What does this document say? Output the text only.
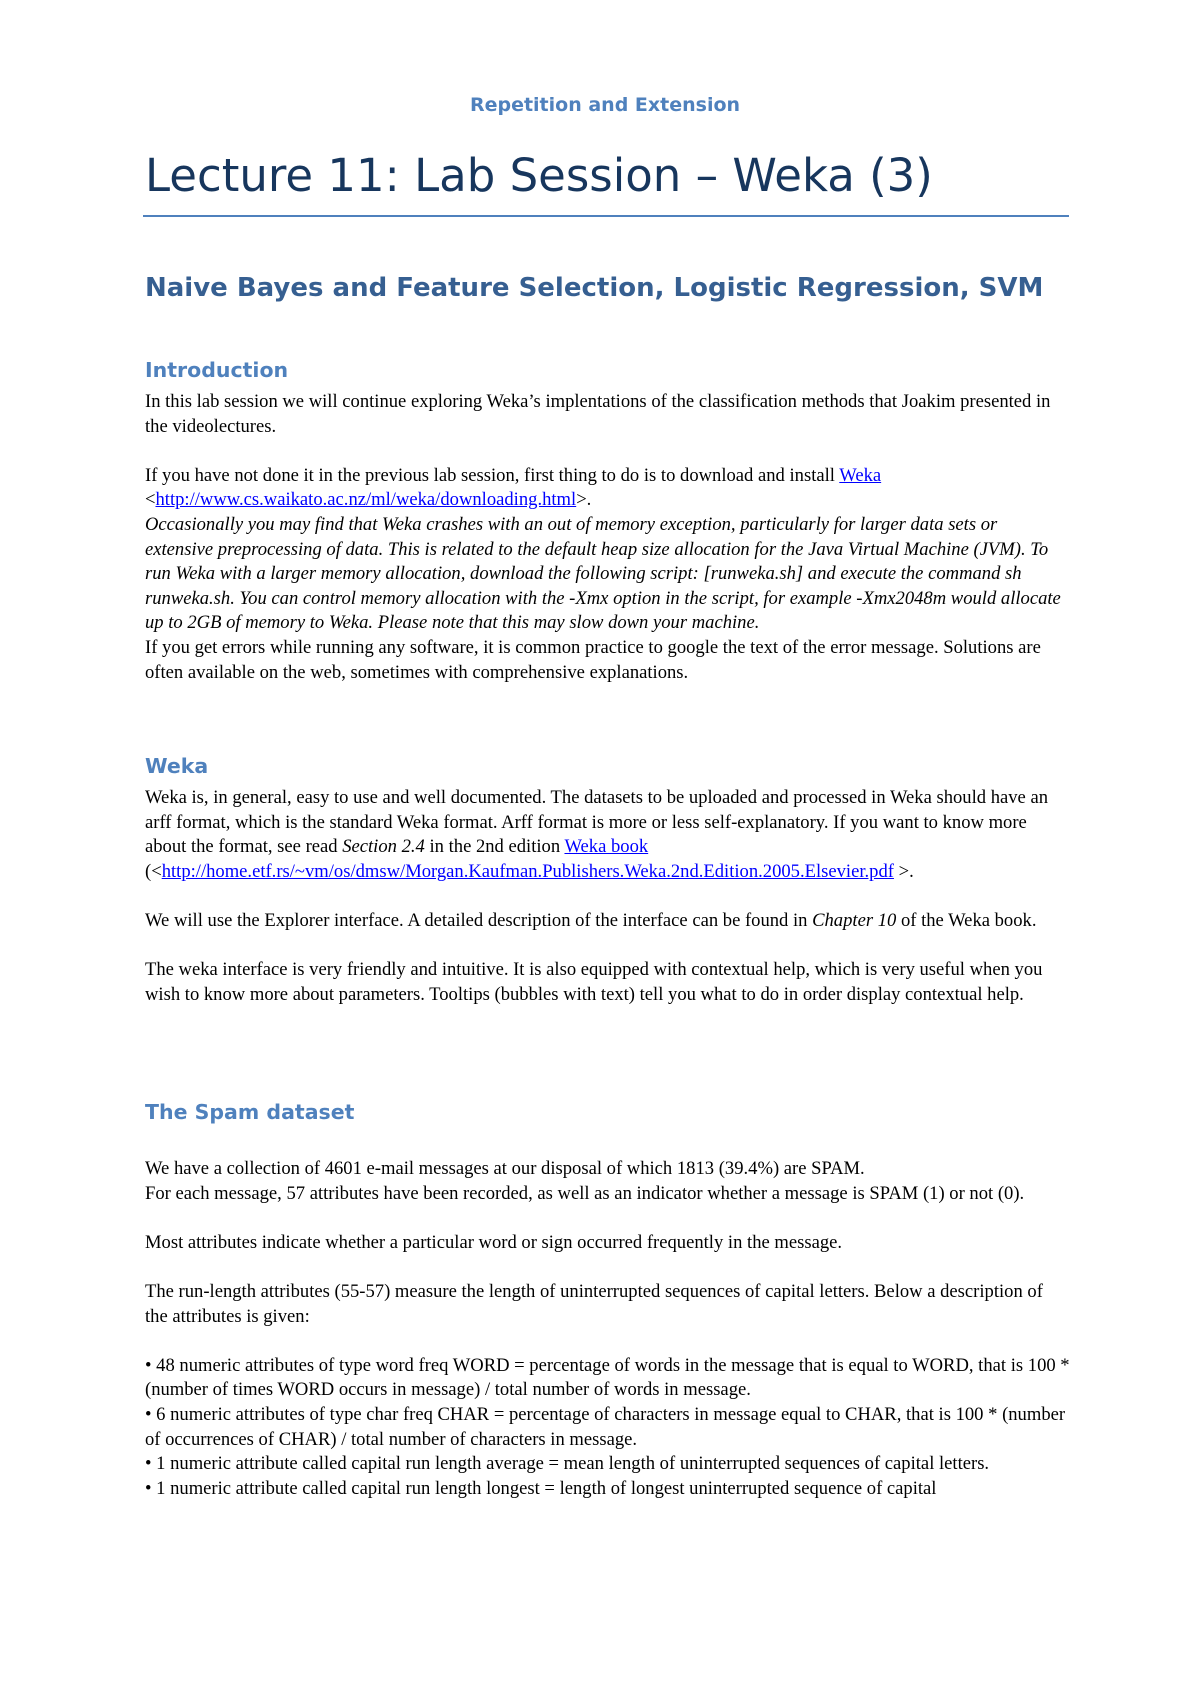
Repetition and Extension
Lecture 11: Lab Session – Weka (3)
Naive Bayes and Feature Selection, Logistic Regression, SVM
Introduction

In this lab session we will continue exploring Weka’s implentations of the classification methods that Joakim presented in the videolectures.

If you have not done it in the previous lab session, first thing to do is to download and install Weka
<http://www.cs.waikato.ac.nz/ml/weka/downloading.html>.

Occasionally you may find that Weka crashes with an out of memory exception, particularly for larger data sets or extensive preprocessing of data. This is related to the default heap size allocation for the Java Virtual Machine (JVM). To run Weka with a larger memory allocation, download the following script: [runweka.sh] and execute the command sh runweka.sh. You can control memory allocation with the -Xmx option in the script, for example -Xmx2048m would allocate up to 2GB of memory to Weka. Please note that this may slow down your machine.

If you get errors while running any software, it is common practice to google the text of the error message. Solutions are often available on the web, sometimes with comprehensive explanations.

Weka

Weka is, in general, easy to use and well documented. The datasets to be uploaded and processed in Weka should have an arff format, which is the standard Weka format. Arff format is more or less self-explanatory. If you want to know more about the format, see read Section 2.4 in the 2nd edition Weka book
(<http://home.etf.rs/~vm/os/dmsw/Morgan.Kaufman.Publishers.Weka.2nd.Edition.2005.Elsevier.pdf >.

We will use the Explorer interface. A detailed description of the interface can be found in Chapter 10 of the Weka book.

The weka interface is very friendly and intuitive. It is also equipped with contextual help, which is very useful when you wish to know more about parameters. Tooltips (bubbles with text) tell you what to do in order display contextual help.

The Spam dataset

We have a collection of 4601 e-mail messages at our disposal of which 1813 (39.4%) are SPAM.

For each message, 57 attributes have been recorded, as well as an indicator whether a message is SPAM (1) or not (0).

Most attributes indicate whether a particular word or sign occurred frequently in the message.

The run-length attributes (55-57) measure the length of uninterrupted sequences of capital letters. Below a description of the attributes is given:

• 48 numeric attributes of type word freq WORD = percentage of words in the message that is equal to WORD, that is 100 * (number of times WORD occurs in message) / total number of words in message.

• 6 numeric attributes of type char freq CHAR = percentage of characters in message equal to CHAR, that is 100 * (number of occurrences of CHAR) / total number of characters in message.

• 1 numeric attribute called capital run length average = mean length of uninterrupted sequences of capital letters.

• 1 numeric attribute called capital run length longest = length of longest uninterrupted sequence of capital
